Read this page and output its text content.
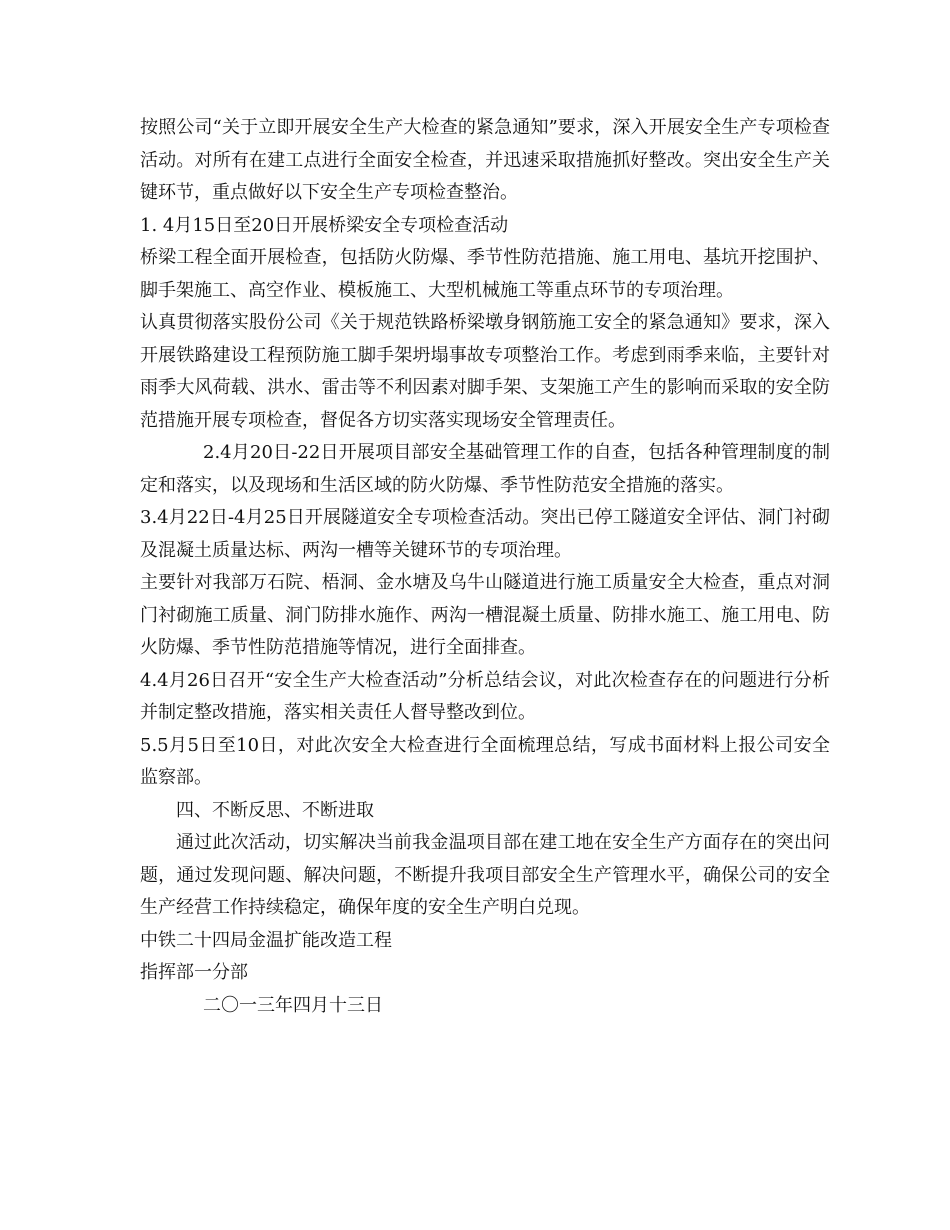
按照公司“关于立即开展安全生产大检查的紧急通知”要求，深入开展安全生产专项检查活动。对所有在建工点进行全面安全检查，并迅速采取措施抓好整改。突出安全生产关键环节，重点做好以下安全生产专项检查整治。

1. 4月15日至20日开展桥梁安全专项检查活动

桥梁工程全面开展检查，包括防火防爆、季节性防范措施、施工用电、基坑开挖围护、脚手架施工、高空作业、模板施工、大型机械施工等重点环节的专项治理。

认真贯彻落实股份公司《关于规范铁路桥梁墩身钢筋施工安全的紧急通知》要求，深入开展铁路建设工程预防施工脚手架坍塌事故专项整治工作。考虑到雨季来临，主要针对雨季大风荷载、洪水、雷击等不利因素对脚手架、支架施工产生的影响而采取的安全防范措施开展专项检查，督促各方切实落实现场安全管理责任。

2.4月20日-22日开展项目部安全基础管理工作的自查，包括各种管理制度的制定和落实，以及现场和生活区域的防火防爆、季节性防范安全措施的落实。

3.4月22日-4月25日开展隧道安全专项检查活动。突出已停工隧道安全评估、洞门衬砌及混凝土质量达标、两沟一槽等关键环节的专项治理。

主要针对我部万石院、梧洞、金水塘及乌牛山隧道进行施工质量安全大检查，重点对洞门衬砌施工质量、洞门防排水施作、两沟一槽混凝土质量、防排水施工、施工用电、防火防爆、季节性防范措施等情况，进行全面排查。

4.4月26日召开“安全生产大检查活动”分析总结会议，对此次检查存在的问题进行分析并制定整改措施，落实相关责任人督导整改到位。

5.5月5日至10日，对此次安全大检查进行全面梳理总结，写成书面材料上报公司安全监察部。

四、不断反思、不断进取

通过此次活动，切实解决当前我金温项目部在建工地在安全生产方面存在的突出问题，通过发现问题、解决问题，不断提升我项目部安全生产管理水平，确保公司的安全生产经营工作持续稳定，确保年度的安全生产明白兑现。

中铁二十四局金温扩能改造工程

指挥部一分部

二〇一三年四月十三日
